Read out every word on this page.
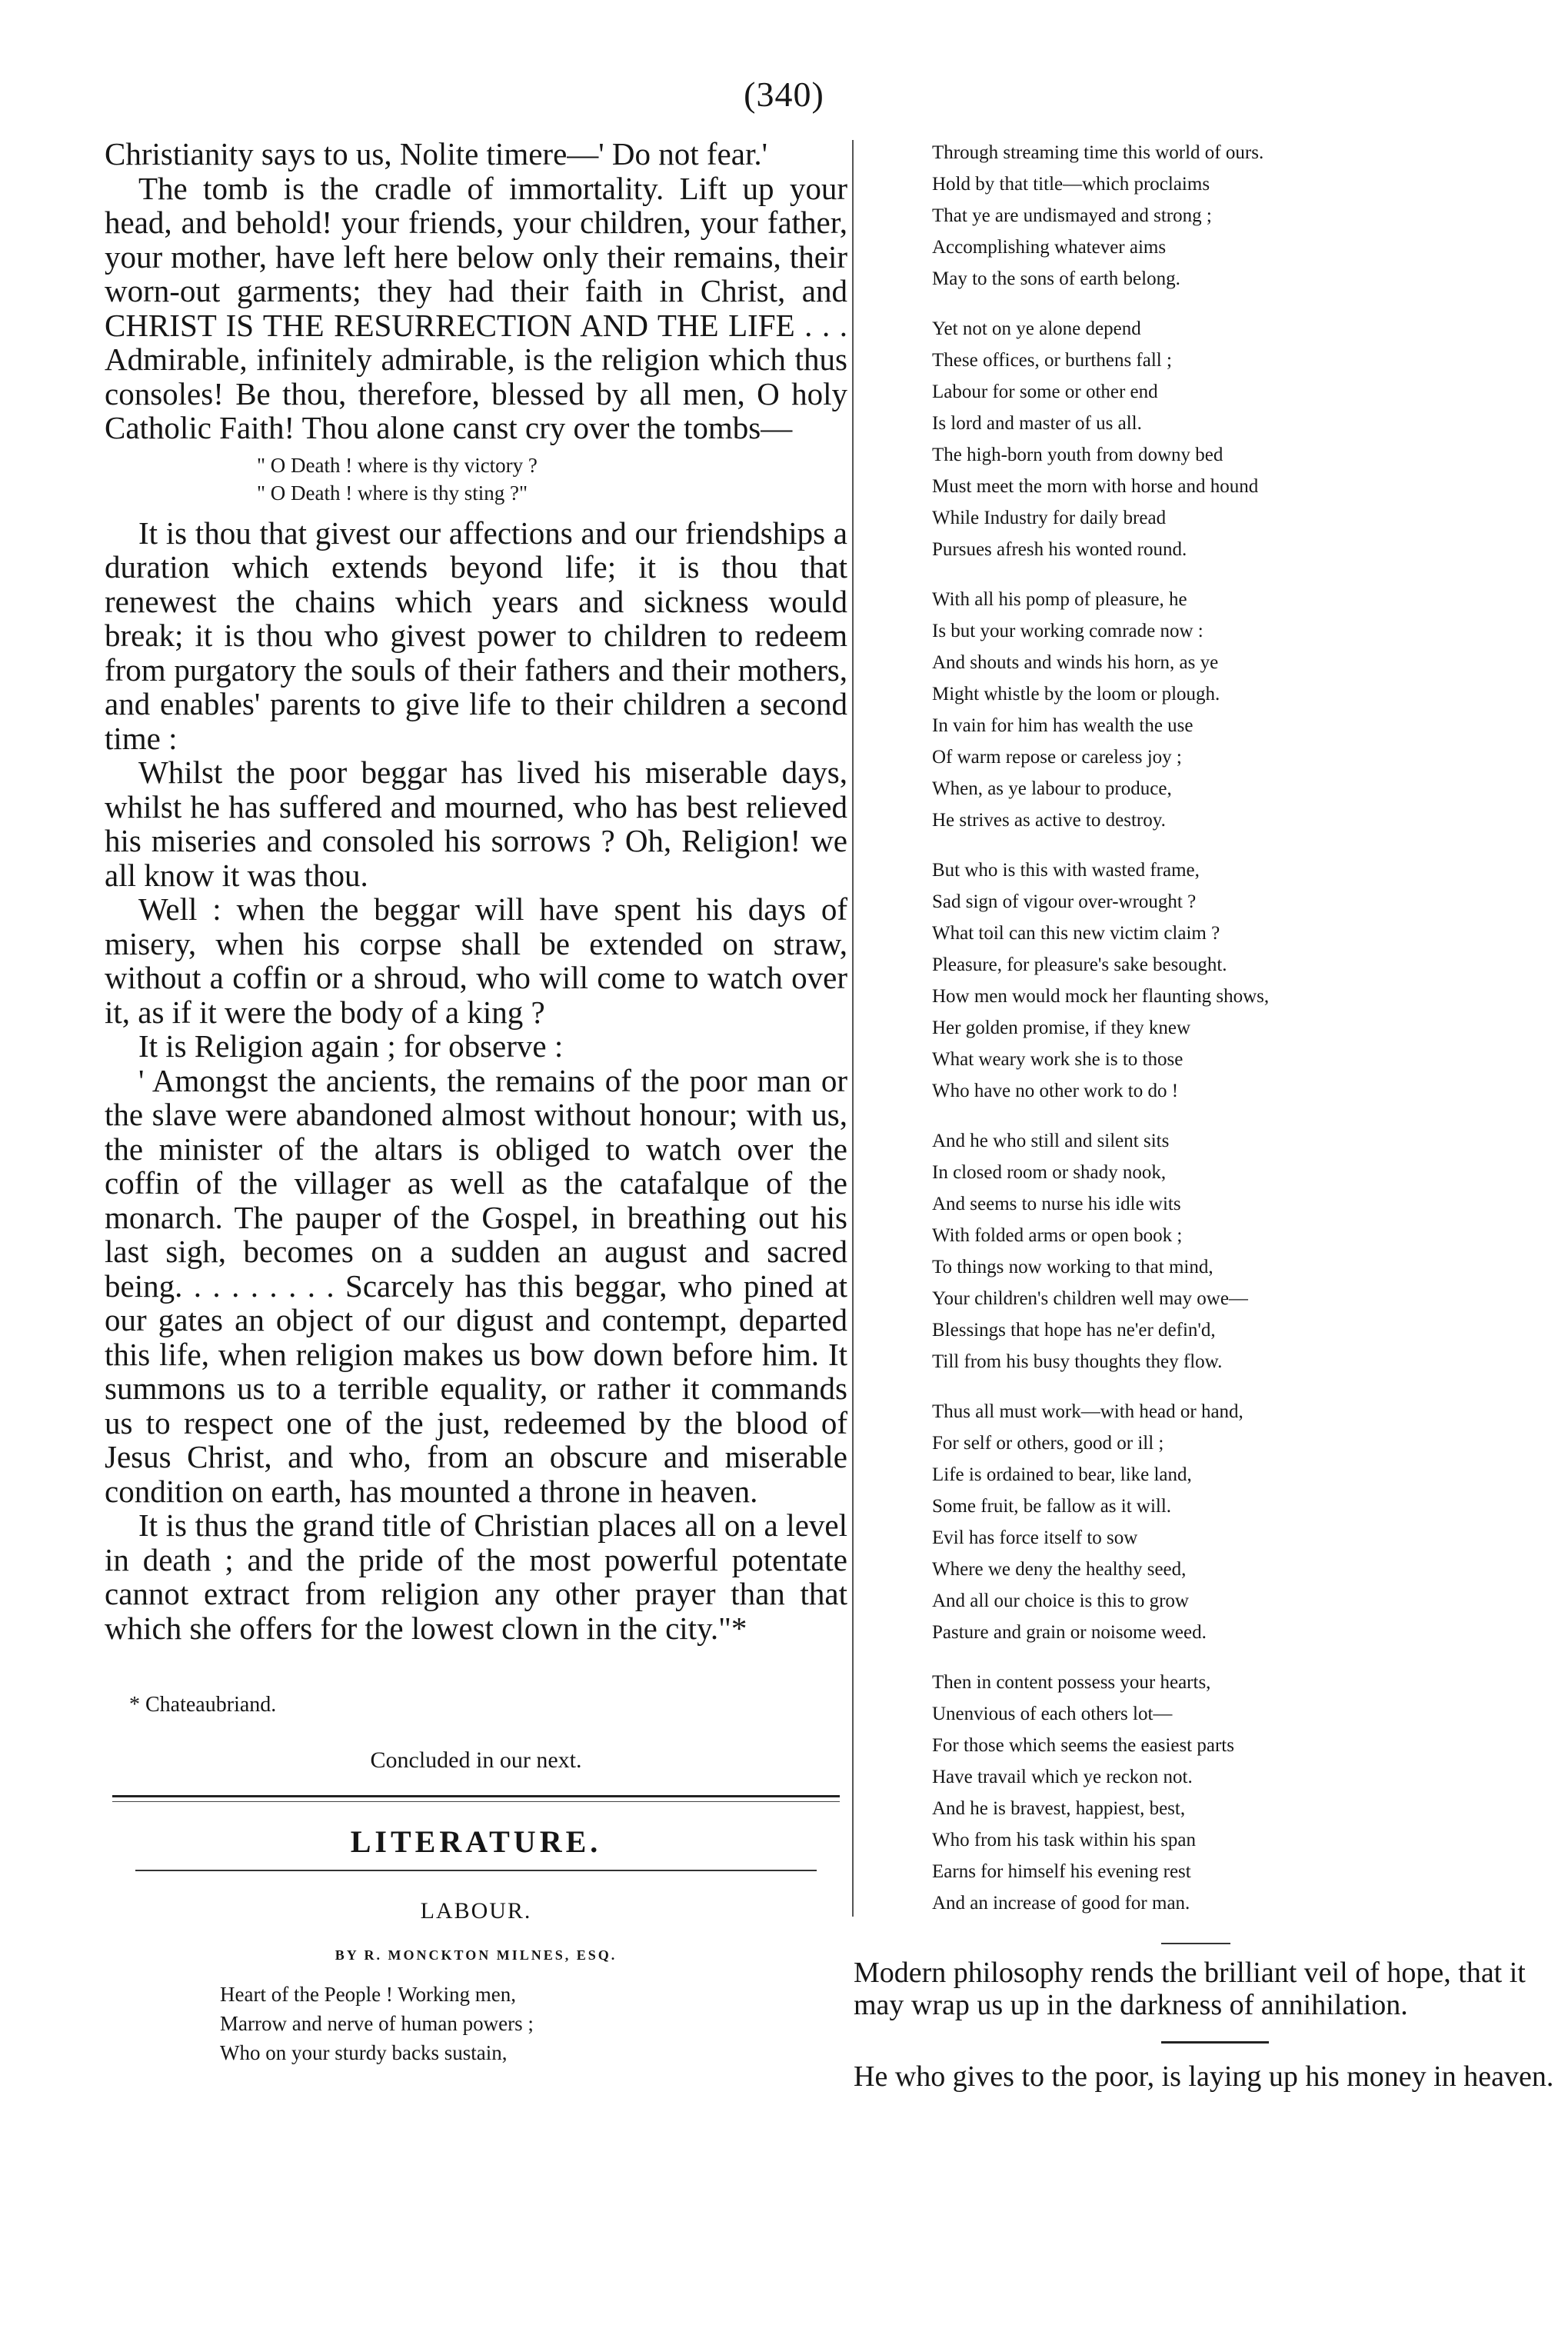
(340)

Christianity says to us, Nolite timere—' Do not fear.'

The tomb is the cradle of immortality. Lift up your head, and behold! your friends, your children, your father, your mother, have left here below only their remains, their worn-out garments; they had their faith in Christ, and CHRIST IS THE RESURRECTION AND THE LIFE . . . Admirable, infinitely admirable, is the religion which thus consoles! Be thou, therefore, blessed by all men, O holy Catholic Faith! Thou alone canst cry over the tombs—

" O Death ! where is thy victory ?
" O Death ! where is thy sting ?"

It is thou that givest our affections and our friendships a duration which extends beyond life; it is thou that renewest the chains which years and sickness would break; it is thou who givest power to children to redeem from purgatory the souls of their fathers and their mothers, and enables' parents to give life to their children a second time :

Whilst the poor beggar has lived his miserable days, whilst he has suffered and mourned, who has best relieved his miseries and consoled his sorrows ? Oh, Religion! we all know it was thou.

Well : when the beggar will have spent his days of misery, when his corpse shall be extended on straw, without a coffin or a shroud, who will come to watch over it, as if it were the body of a king ?

It is Religion again ; for observe :

' Amongst the ancients, the remains of the poor man or the slave were abandoned almost without honour; with us, the minister of the altars is obliged to watch over the coffin of the villager as well as the catafalque of the monarch. The pauper of the Gospel, in breathing out his last sigh, becomes on a sudden an august and sacred being. . . . . . . . . Scarcely has this beggar, who pined at our gates an object of our digust and contempt, departed this life, when religion makes us bow down before him. It summons us to a terrible equality, or rather it commands us to respect one of the just, redeemed by the blood of Jesus Christ, and who, from an obscure and miserable condition on earth, has mounted a throne in heaven.

It is thus the grand title of Christian places all on a level in death ; and the pride of the most powerful potentate cannot extract from religion any other prayer than that which she offers for the lowest clown in the city."*

* Chateaubriand.
Concluded in our next.
LITERATURE.
LABOUR.
BY R. MONCKTON MILNES, ESQ.
Heart of the People ! Working men,
Marrow and nerve of human powers ;
Who on your sturdy backs sustain,
Through streaming time this world of ours.
Hold by that title—which proclaims
That ye are undismayed and strong ;
Accomplishing whatever aims
May to the sons of earth belong.
Yet not on ye alone depend
These offices, or burthens fall ;
Labour for some or other end
Is lord and master of us all.
The high-born youth from downy bed
Must meet the morn with horse and hound
While Industry for daily bread
Pursues afresh his wonted round.
With all his pomp of pleasure, he
Is but your working comrade now :
And shouts and winds his horn, as ye
Might whistle by the loom or plough.
In vain for him has wealth the use
Of warm repose or careless joy ;
When, as ye labour to produce,
He strives as active to destroy.
But who is this with wasted frame,
Sad sign of vigour over-wrought ?
What toil can this new victim claim ?
Pleasure, for pleasure's sake besought.
How men would mock her flaunting shows,
Her golden promise, if they knew
What weary work she is to those
Who have no other work to do !
And he who still and silent sits
In closed room or shady nook,
And seems to nurse his idle wits
With folded arms or open book ;
To things now working to that mind,
Your children's children well may owe—
Blessings that hope has ne'er defin'd,
Till from his busy thoughts they flow.
Thus all must work—with head or hand,
For self or others, good or ill ;
Life is ordained to bear, like land,
Some fruit, be fallow as it will.
Evil has force itself to sow
Where we deny the healthy seed,
And all our choice is this to grow
Pasture and grain or noisome weed.
Then in content possess your hearts,
Unenvious of each others lot—
For those which seems the easiest parts
Have travail which ye reckon not.
And he is bravest, happiest, best,
Who from his task within his span
Earns for himself his evening rest
And an increase of good for man.

Modern philosophy rends the brilliant veil of hope, that it may wrap us up in the darkness of annihilation.

He who gives to the poor, is laying up his money in heaven.
